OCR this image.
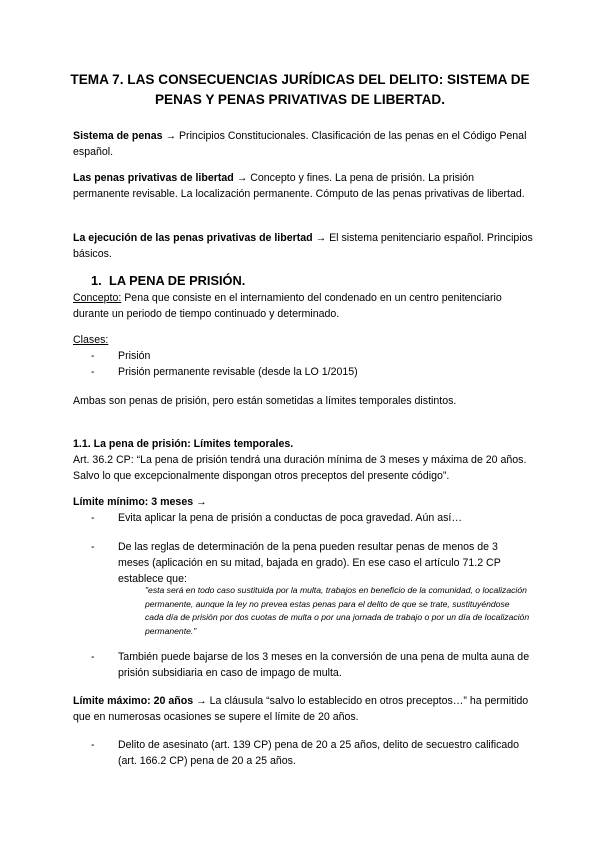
TEMA 7. LAS CONSECUENCIAS JURÍDICAS DEL DELITO: SISTEMA DE PENAS Y PENAS PRIVATIVAS DE LIBERTAD.
Sistema de penas → Principios Constitucionales. Clasificación de las penas en el Código Penal español.
Las penas privativas de libertad → Concepto y fines. La pena de prisión. La prisión permanente revisable. La localización permanente. Cómputo de las penas privativas de libertad.
La ejecución de las penas privativas de libertad → El sistema penitenciario español. Principios básicos.
1. LA PENA DE PRISIÓN.
Concepto: Pena que consiste en el internamiento del condenado en un centro penitenciario durante un periodo de tiempo continuado y determinado.
Clases:
- Prisión
- Prisión permanente revisable (desde la LO 1/2015)
Ambas son penas de prisión, pero están sometidas a límites temporales distintos.
1.1. La pena de prisión: Límites temporales.
Art. 36.2 CP: “La pena de prisión tendrá una duración mínima de 3 meses y máxima de 20 años. Salvo lo que excepcionalmente dispongan otros preceptos del presente código”.
Límite mínimo: 3 meses →
- Evita aplicar la pena de prisión a conductas de poca gravedad. Aún así…
- De las reglas de determinación de la pena pueden resultar penas de menos de 3 meses (aplicación en su mitad, bajada en grado). En ese caso el artículo 71.2 CP establece que:
"esta será en todo caso sustituida por la multa, trabajos en beneficio de la comunidad, o localización permanente, aunque la ley no prevea estas penas para el delito de que se trate, sustituyéndose cada día de prisión por dos cuotas de multa o por una jornada de trabajo o por un día de localización permanente."
- También puede bajarse de los 3 meses en la conversión de una pena de multa auna de prisión subsidiaria en caso de impago de multa.
Límite máximo: 20 años → La cláusula “salvo lo establecido en otros preceptos…” ha permitido que en numerosas ocasiones se supere el límite de 20 años.
- Delito de asesinato (art. 139 CP) pena de 20 a 25 años, delito de secuestro calificado (art. 166.2 CP) pena de 20 a 25 años.
